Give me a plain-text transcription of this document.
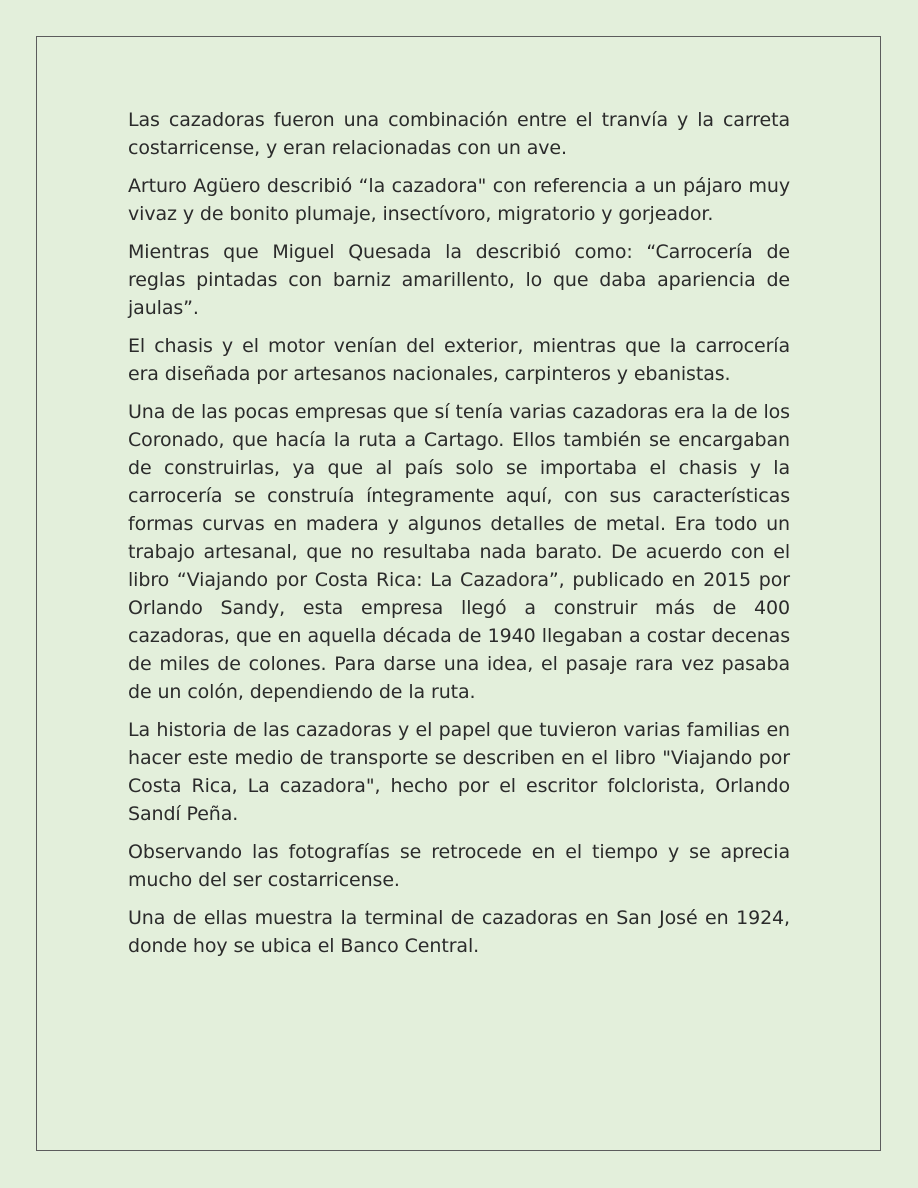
Las cazadoras fueron una combinación entre el tranvía y la carreta costarricense, y eran relacionadas con un ave.

Arturo Agüero describió “la cazadora" con referencia a un pájaro muy vivaz y de bonito plumaje, insectívoro, migratorio y gorjeador.

Mientras que Miguel Quesada la describió como: “Carrocería de reglas pintadas con barniz amarillento, lo que daba apariencia de jaulas”.

El chasis y el motor venían del exterior, mientras que la carrocería era diseñada por artesanos nacionales, carpinteros y ebanistas.

Una de las pocas empresas que sí tenía varias cazadoras era la de los Coronado, que hacía la ruta a Cartago. Ellos también se encargaban de construirlas, ya que al país solo se importaba el chasis y la carrocería se construía íntegramente aquí, con sus características formas curvas en madera y algunos detalles de metal. Era todo un trabajo artesanal, que no resultaba nada barato. De acuerdo con el libro “Viajando por Costa Rica: La Cazadora”, publicado en 2015 por Orlando Sandy, esta empresa llegó a construir más de 400 cazadoras, que en aquella década de 1940 llegaban a costar decenas de miles de colones. Para darse una idea, el pasaje rara vez pasaba de un colón, dependiendo de la ruta.

La historia de las cazadoras y el papel que tuvieron varias familias en hacer este medio de transporte se describen en el libro "Viajando por Costa Rica, La cazadora", hecho por el escritor folclorista, Orlando Sandí Peña.

Observando las fotografías se retrocede en el tiempo y se aprecia mucho del ser costarricense.

Una de ellas muestra la terminal de cazadoras en San José en 1924, donde hoy se ubica el Banco Central.
